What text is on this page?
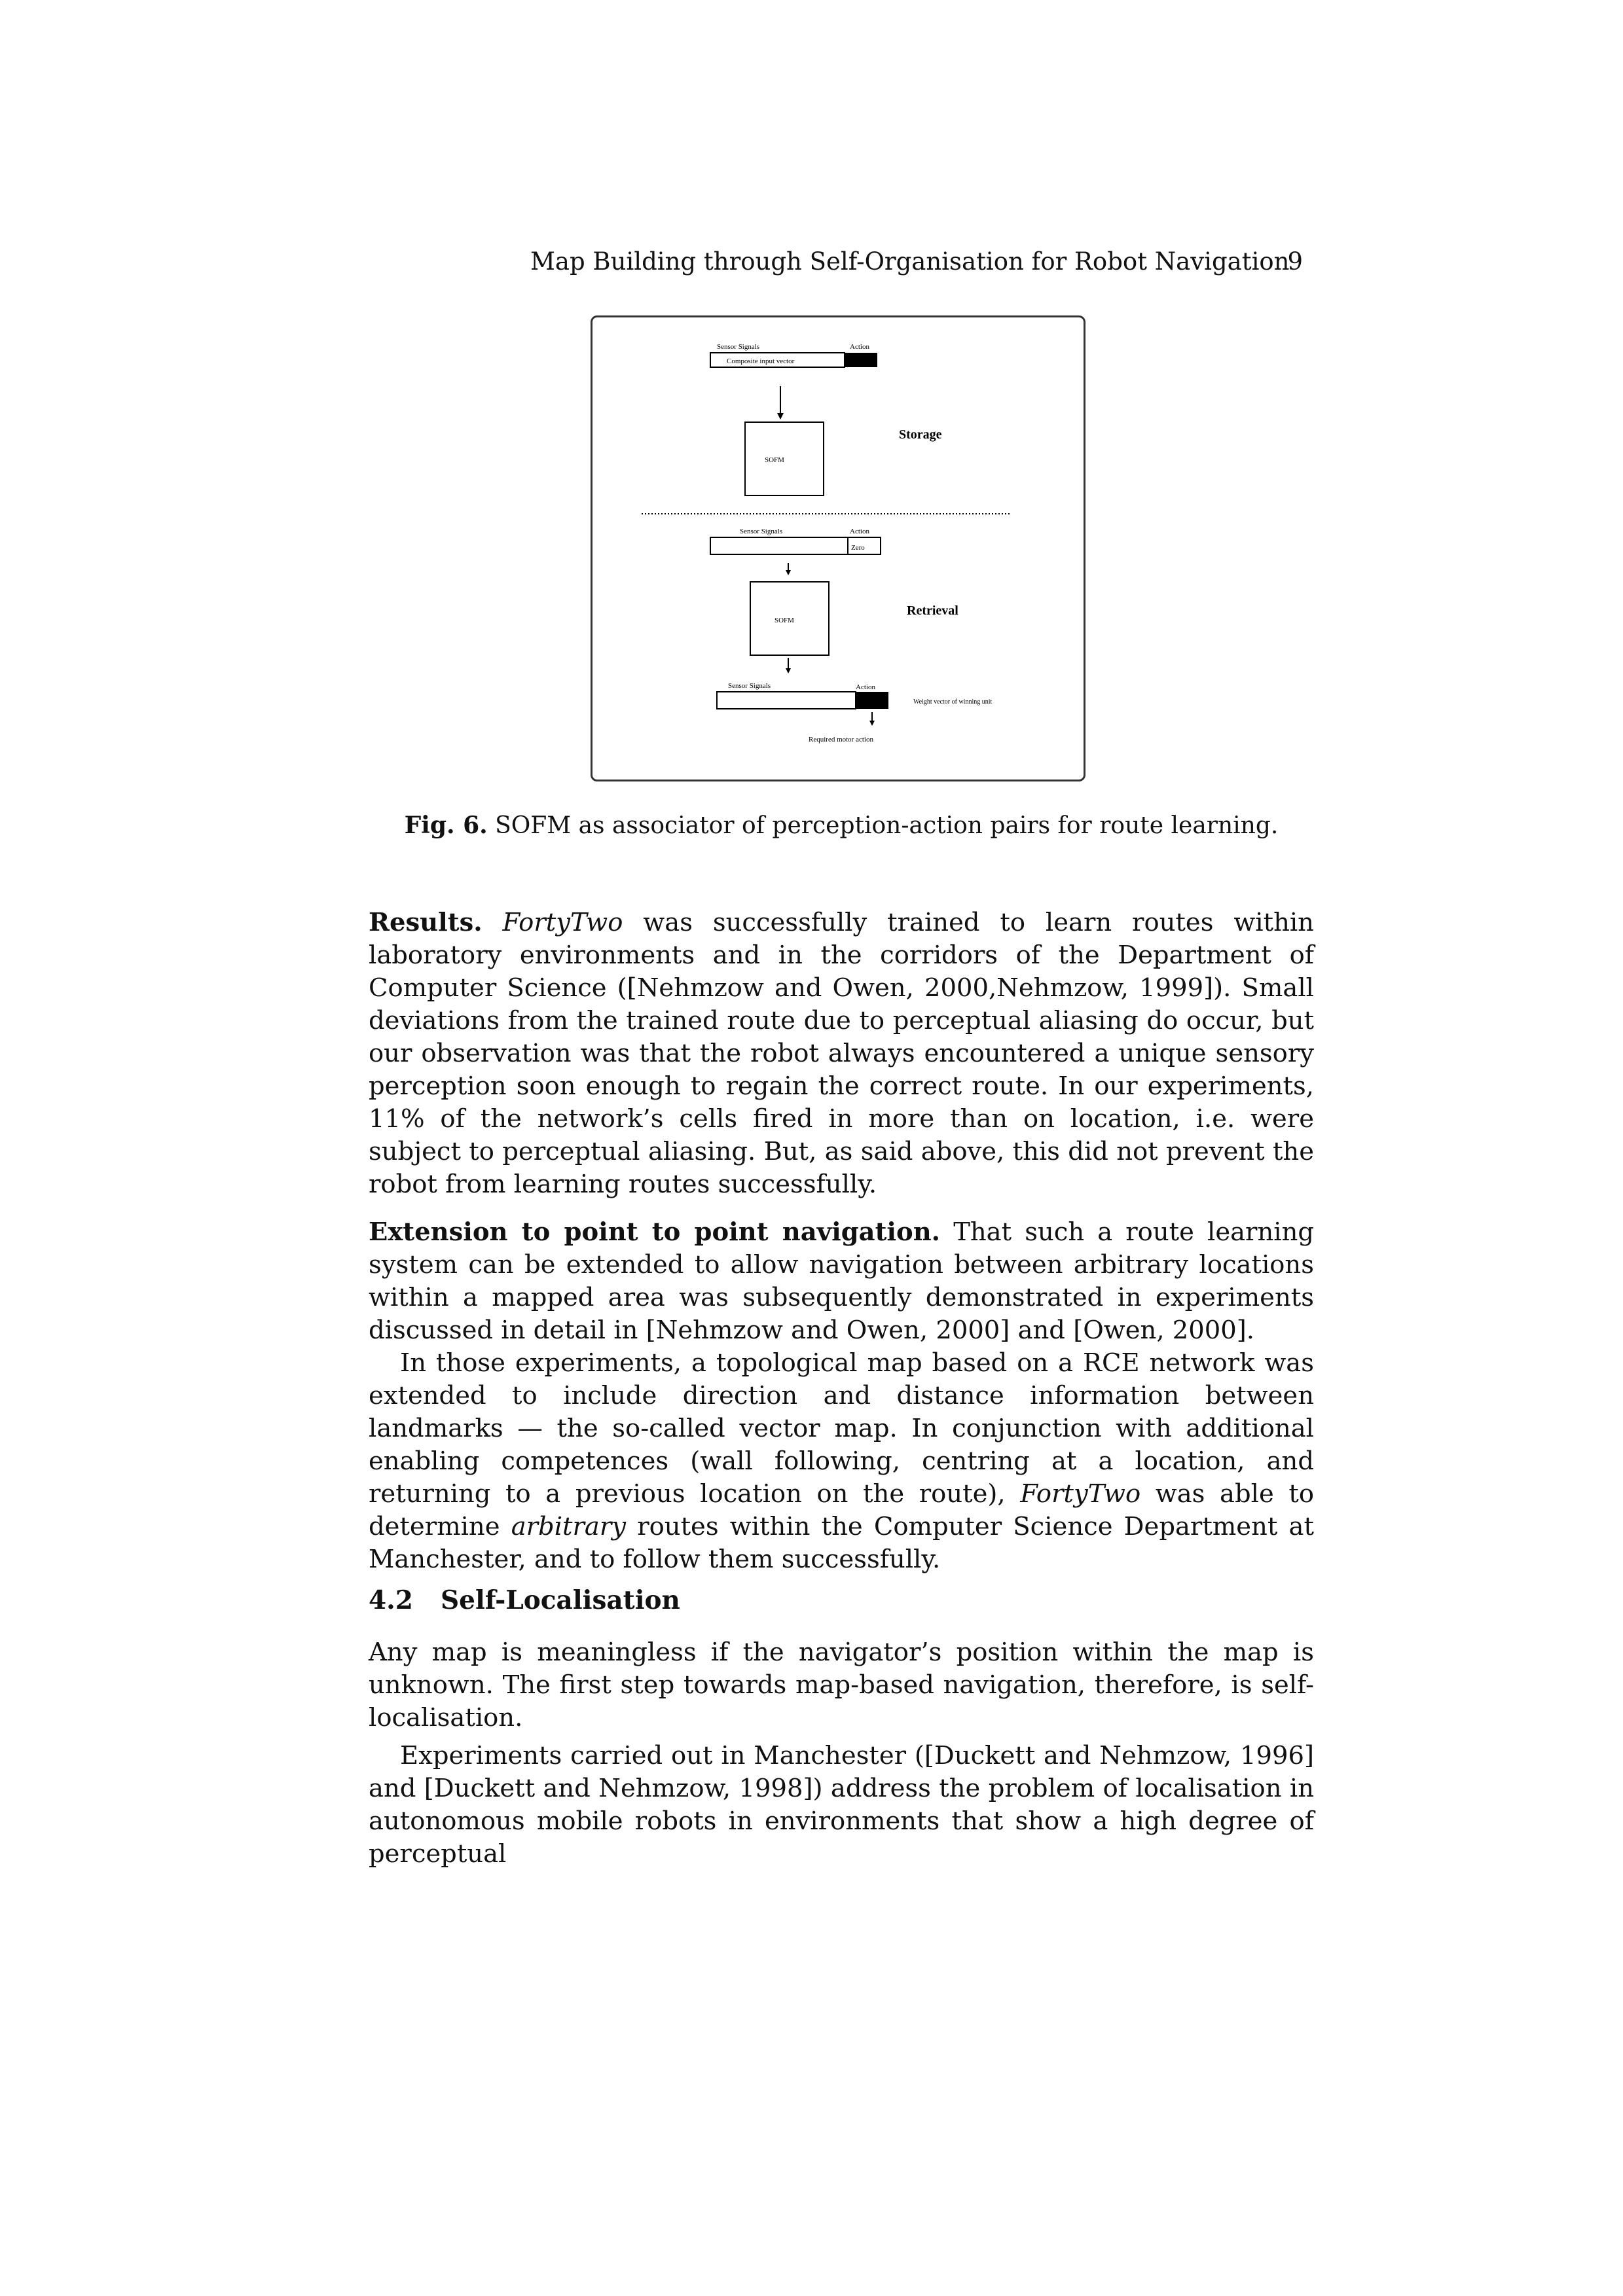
Map Building through Self-Organisation for Robot Navigation
9
Sensor Signals	Action
Composite input vector
SOFM
Storage
Sensor Signals	Action
Zero
SOFM
Retrieval
Sensor Signals	Action
Weight vector of winning unit
Required motor action
Fig. 6. SOFM as associator of perception-action pairs for route learning.

Results. FortyTwo was successfully trained to learn routes within laboratory environments and in the corridors of the Department of Computer Science ([Nehmzow and Owen, 2000,Nehmzow, 1999]). Small deviations from the trained route due to perceptual aliasing do occur, but our observation was that the robot always encountered a unique sensory perception soon enough to regain the correct route. In our experiments, 11% of the network’s cells fired in more than on location, i.e. were subject to perceptual aliasing. But, as said above, this did not prevent the robot from learning routes successfully.

Extension to point to point navigation. That such a route learning system can be extended to allow navigation between arbitrary locations within a mapped area was subsequently demonstrated in experiments discussed in detail in [Nehmzow and Owen, 2000] and [Owen, 2000].

In those experiments, a topological map based on a RCE network was extended to include direction and distance information between landmarks — the so-called vector map. In conjunction with additional enabling competences (wall following, centring at a location, and returning to a previous location on the route), FortyTwo was able to determine arbitrary routes within the Computer Science Department at Manchester, and to follow them successfully.

4.2 Self-Localisation

Any map is meaningless if the navigator’s position within the map is unknown. The first step towards map-based navigation, therefore, is self-localisation.

Experiments carried out in Manchester ([Duckett and Nehmzow, 1996] and [Duckett and Nehmzow, 1998]) address the problem of localisation in autonomous mobile robots in environments that show a high degree of perceptual
